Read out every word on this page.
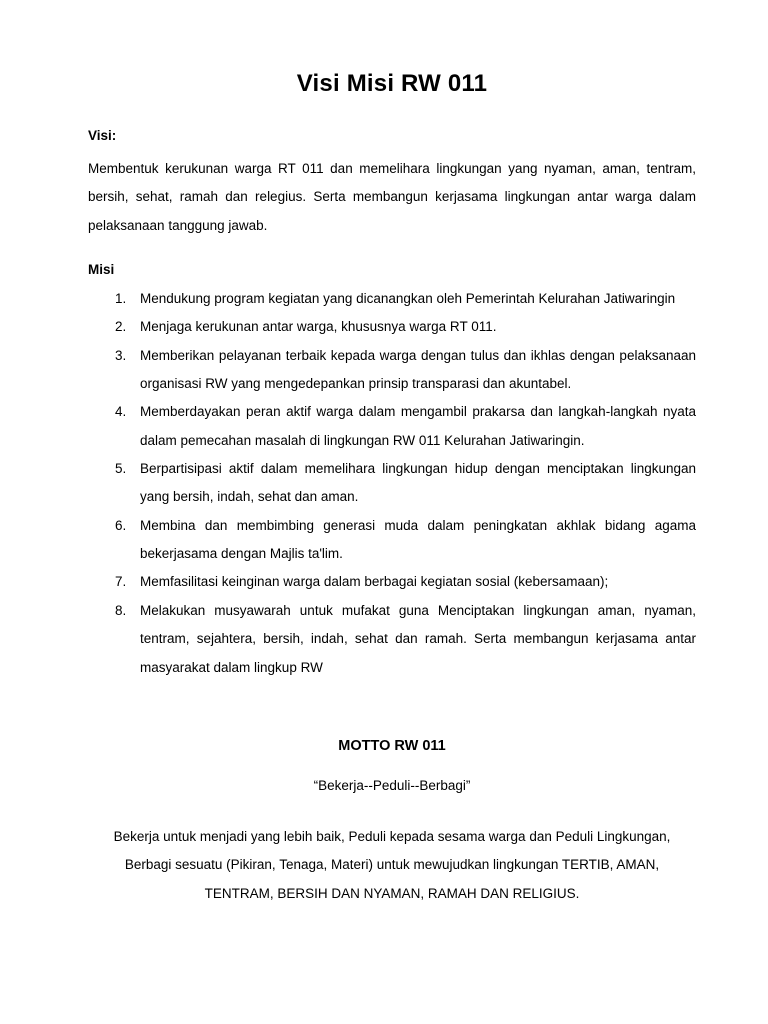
Visi Misi RW 011
Visi:

Membentuk kerukunan warga RT 011 dan memelihara lingkungan yang nyaman, aman, tentram, bersih, sehat, ramah dan relegius. Serta membangun kerjasama lingkungan antar warga dalam pelaksanaan tanggung jawab.

Misi
1. Mendukung program kegiatan yang dicanangkan oleh Pemerintah Kelurahan Jatiwaringin
2. Menjaga kerukunan antar warga, khususnya warga RT 011.
3. Memberikan pelayanan terbaik kepada warga dengan tulus dan ikhlas dengan pelaksanaan organisasi RW yang mengedepankan prinsip transparasi dan akuntabel.
4. Memberdayakan peran aktif warga dalam mengambil prakarsa dan langkah-langkah nyata dalam pemecahan masalah di lingkungan RW 011 Kelurahan Jatiwaringin.
5. Berpartisipasi aktif dalam memelihara lingkungan hidup dengan menciptakan lingkungan yang bersih, indah, sehat dan aman.
6. Membina dan membimbing generasi muda dalam peningkatan akhlak bidang agama bekerjasama dengan Majlis ta'lim.
7. Memfasilitasi keinginan warga dalam berbagai kegiatan sosial (kebersamaan);
8. Melakukan musyawarah untuk mufakat guna Menciptakan lingkungan aman, nyaman, tentram, sejahtera, bersih, indah, sehat dan ramah. Serta membangun kerjasama antar masyarakat dalam lingkup RW
MOTTO RW 011
“Bekerja--Peduli--Berbagi”
Bekerja untuk menjadi yang lebih baik, Peduli kepada sesama warga dan Peduli Lingkungan,
Berbagi sesuatu (Pikiran, Tenaga, Materi) untuk mewujudkan lingkungan TERTIB, AMAN,
TENTRAM, BERSIH DAN NYAMAN, RAMAH DAN RELIGIUS.
